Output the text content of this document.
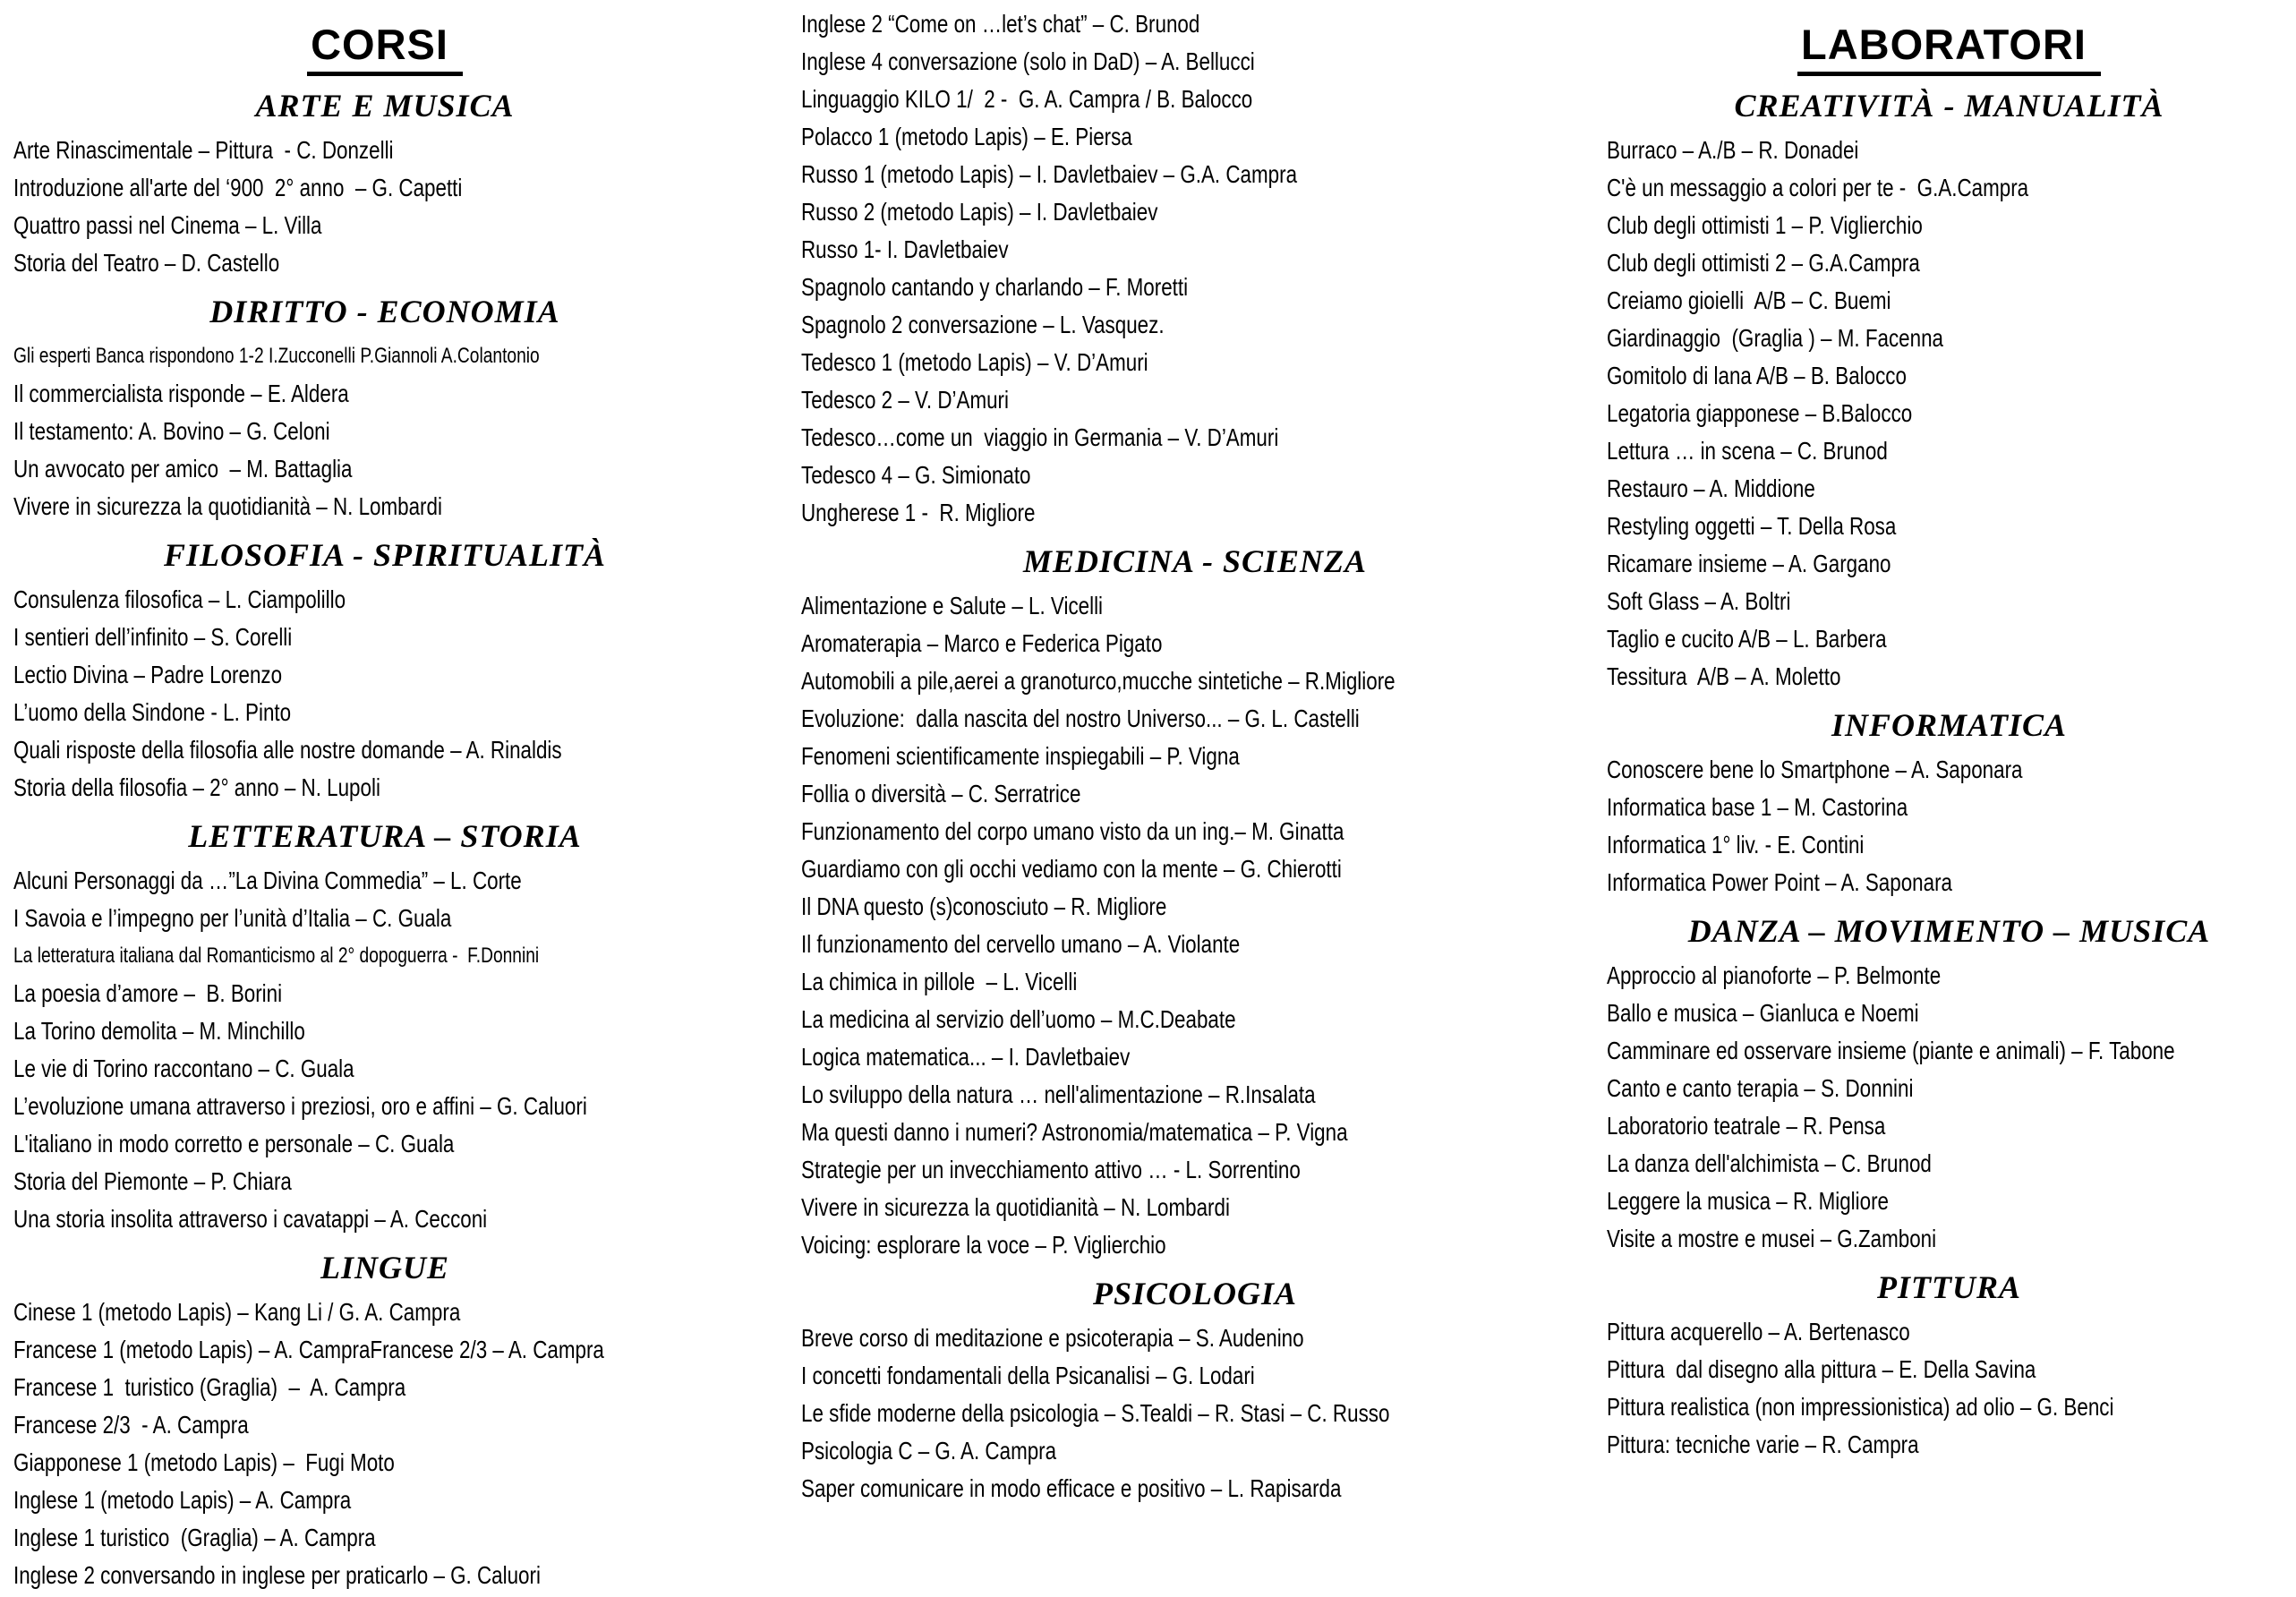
CORSI
ARTE E MUSICA
Arte Rinascimentale – Pittura  - C. Donzelli
Introduzione all'arte del ‘900  2° anno  – G. Capetti
Quattro passi nel Cinema – L. Villa
Storia del Teatro – D. Castello
DIRITTO - ECONOMIA
Gli esperti Banca rispondono 1-2 I.Zucconelli P.Giannoli A.Colantonio
Il commercialista risponde – E. Aldera
Il testamento: A. Bovino – G. Celoni
Un avvocato per amico  – M. Battaglia
Vivere in sicurezza la quotidianità – N. Lombardi
FILOSOFIA - SPIRITUALITÀ
Consulenza filosofica – L. Ciampolillo
I sentieri dell’infinito – S. Corelli
Lectio Divina – Padre Lorenzo
L’uomo della Sindone - L. Pinto
Quali risposte della filosofia alle nostre domande – A. Rinaldis
Storia della filosofia – 2° anno – N. Lupoli
LETTERATURA – STORIA
Alcuni Personaggi da …”La Divina Commedia” – L. Corte
I Savoia e l’impegno per l’unità d’Italia – C. Guala
La letteratura italiana dal Romanticismo al 2° dopoguerra -  F.Donnini
La poesia d’amore –  B. Borini
La Torino demolita – M. Minchillo
Le vie di Torino raccontano – C. Guala
L’evoluzione umana attraverso i preziosi, oro e affini – G. Caluori
L'italiano in modo corretto e personale – C. Guala
Storia del Piemonte – P. Chiara
Una storia insolita attraverso i cavatappi – A. Cecconi
LINGUE
Cinese 1 (metodo Lapis) – Kang Li / G. A. Campra
Francese 1 (metodo Lapis) – A. CampraFrancese 2/3 – A. Campra
Francese 1  turistico (Graglia)  –  A. Campra
Francese 2/3  - A. Campra
Giapponese 1 (metodo Lapis) –  Fugi Moto
Inglese 1 (metodo Lapis) – A. Campra
Inglese 1 turistico  (Graglia) – A. Campra
Inglese 2 conversando in inglese per praticarlo – G. Caluori
Inglese 2 “Come on …let’s chat” – C. Brunod
Inglese 4 conversazione (solo in DaD) – A. Bellucci
Linguaggio KILO 1/  2 -  G. A. Campra / B. Balocco
Polacco 1 (metodo Lapis) – E. Piersa
Russo 1 (metodo Lapis) – I. Davletbaiev – G.A. Campra
Russo 2 (metodo Lapis) – I. Davletbaiev
Russo 1- I. Davletbaiev
Spagnolo cantando y charlando – F. Moretti
Spagnolo 2 conversazione – L. Vasquez.
Tedesco 1 (metodo Lapis) – V. D’Amuri
Tedesco 2 – V. D’Amuri
Tedesco…come un  viaggio in Germania – V. D’Amuri
Tedesco 4 – G. Simionato
Ungherese 1 -  R. Migliore
MEDICINA - SCIENZA
Alimentazione e Salute – L. Vicelli
Aromaterapia – Marco e Federica Pigato
Automobili a pile,aerei a granoturco,mucche sintetiche – R.Migliore
Evoluzione:  dalla nascita del nostro Universo... – G. L. Castelli
Fenomeni scientificamente inspiegabili – P. Vigna
Follia o diversità – C. Serratrice
Funzionamento del corpo umano visto da un ing.– M. Ginatta
Guardiamo con gli occhi vediamo con la mente – G. Chierotti
Il DNA questo (s)conosciuto – R. Migliore
Il funzionamento del cervello umano – A. Violante
La chimica in pillole  – L. Vicelli
La medicina al servizio dell’uomo – M.C.Deabate
Logica matematica... – I. Davletbaiev
Lo sviluppo della natura … nell'alimentazione – R.Insalata
Ma questi danno i numeri? Astronomia/matematica – P. Vigna
Strategie per un invecchiamento attivo … - L. Sorrentino
Vivere in sicurezza la quotidianità – N. Lombardi
Voicing: esplorare la voce – P. Viglierchio
PSICOLOGIA
Breve corso di meditazione e psicoterapia – S. Audenino
I concetti fondamentali della Psicanalisi – G. Lodari
Le sfide moderne della psicologia – S.Tealdi – R. Stasi – C. Russo
Psicologia C – G. A. Campra
Saper comunicare in modo efficace e positivo – L. Rapisarda
LABORATORI
CREATIVITÀ - MANUALITÀ
Burraco – A./B – R. Donadei
C'è un messaggio a colori per te -  G.A.Campra
Club degli ottimisti 1 – P. Viglierchio
Club degli ottimisti 2 – G.A.Campra
Creiamo gioielli  A/B – C. Buemi
Giardinaggio  (Graglia ) – M. Facenna
Gomitolo di lana A/B – B. Balocco
Legatoria giapponese – B.Balocco
Lettura … in scena – C. Brunod
Restauro – A. Middione
Restyling oggetti – T. Della Rosa
Ricamare insieme – A. Gargano
Soft Glass – A. Boltri
Taglio e cucito A/B – L. Barbera
Tessitura  A/B – A. Moletto
INFORMATICA
Conoscere bene lo Smartphone – A. Saponara
Informatica base 1 – M. Castorina
Informatica 1° liv. - E. Contini
Informatica Power Point – A. Saponara
DANZA – MOVIMENTO – MUSICA
Approccio al pianoforte – P. Belmonte
Ballo e musica – Gianluca e Noemi
Camminare ed osservare insieme (piante e animali) – F. Tabone
Canto e canto terapia – S. Donnini
Laboratorio teatrale – R. Pensa
La danza dell'alchimista – C. Brunod
Leggere la musica – R. Migliore
Visite a mostre e musei – G.Zamboni
PITTURA
Pittura acquerello – A. Bertenasco
Pittura  dal disegno alla pittura – E. Della Savina
Pittura realistica (non impressionistica) ad olio – G. Benci
Pittura: tecniche varie – R. Campra
